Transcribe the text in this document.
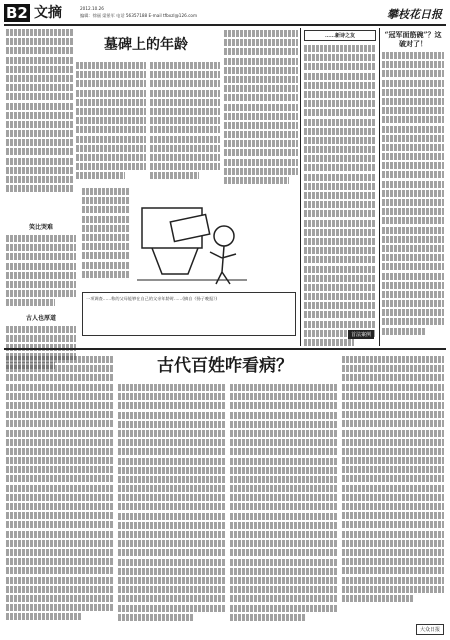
B2 文摘	2012.10.26
编辑：徐丽 梁景军 电话 56357188 E-mail tfbxzl@126.com	攀枝花日报
墓碑上的年龄
笑比哭难
古人也厚道
一项调查……称的父母能够在自己的父亲年龄时……(摘自《扬子晚报》)
……新诗之友	“冠军面筋碗”？这破对了！
古代百姓咋看病？
首法案例
大众日报
